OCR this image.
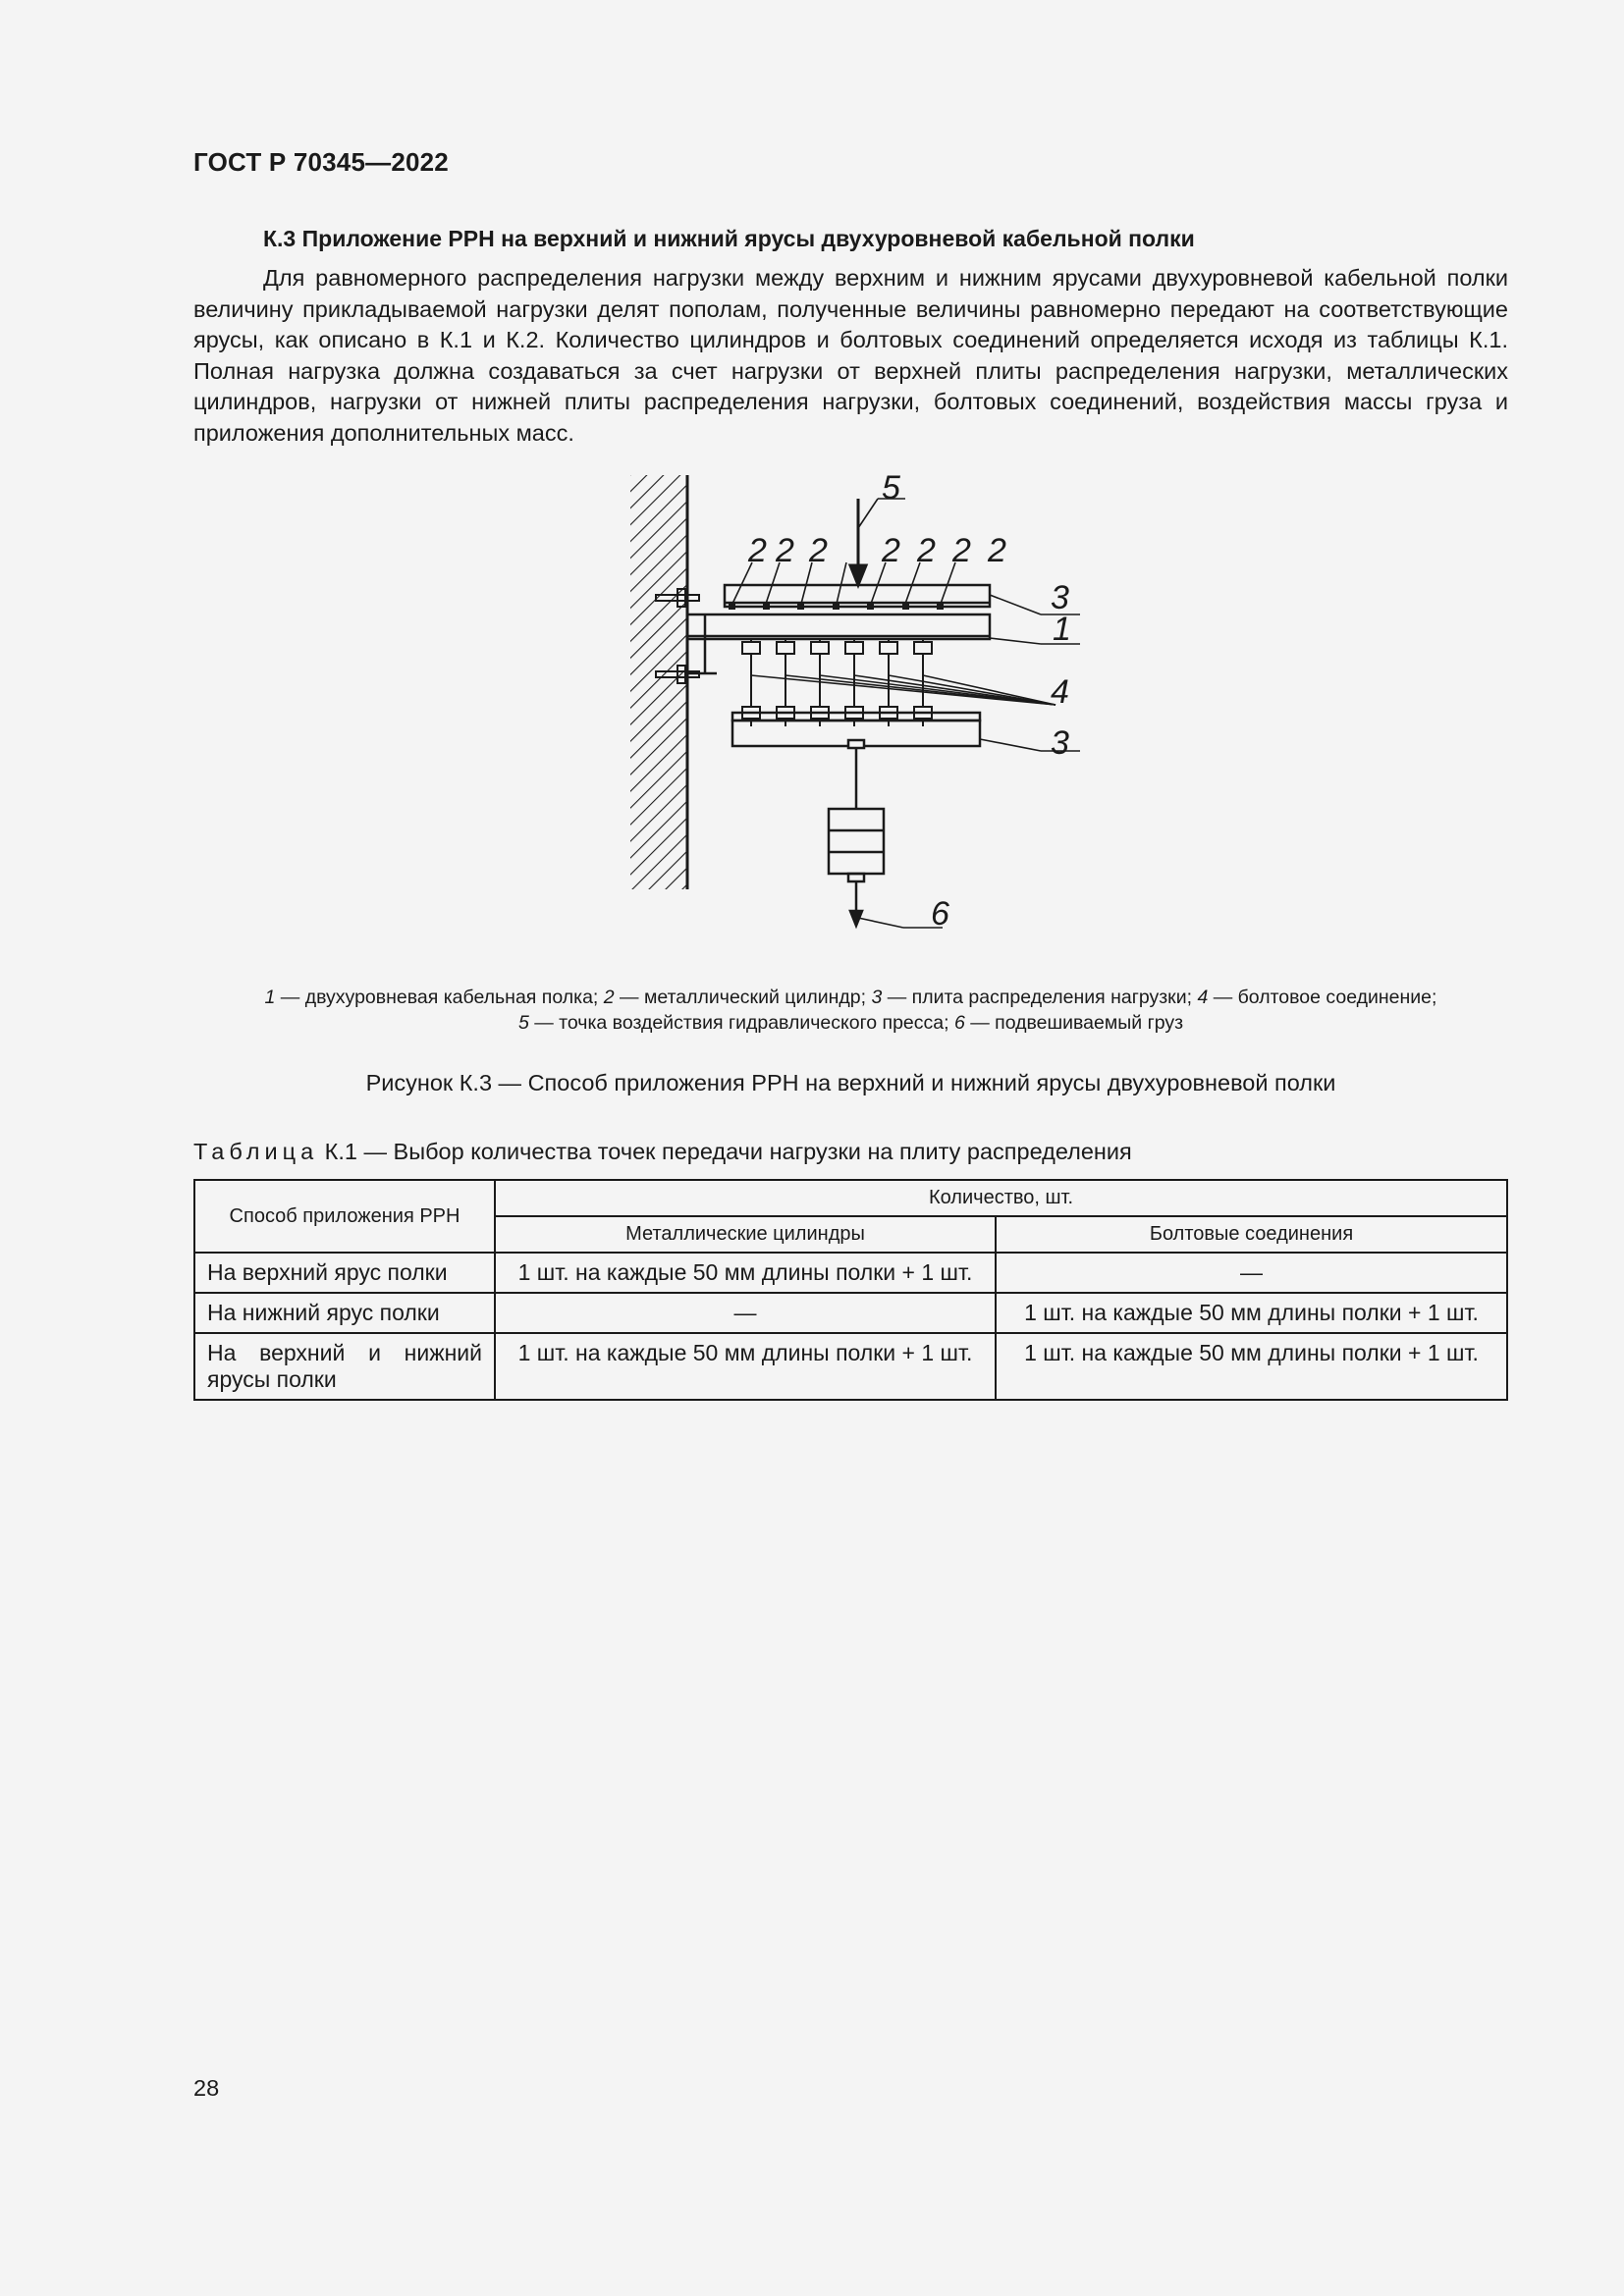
ГОСТ Р 70345—2022
К.3 Приложение РРН на верхний и нижний ярусы двухуровневой кабельной полки

Для равномерного распределения нагрузки между верхним и нижним ярусами двухуровневой кабельной полки величину прикладываемой нагрузки делят пополам, полученные величины равномерно передают на соответствующие ярусы, как описано в К.1 и К.2. Количество цилиндров и болтовых соединений определяется исходя из таблицы К.1. Полная нагрузка должна создаваться за счет нагрузки от верхней плиты распределения нагрузки, металлических цилиндров, нагрузки от нижней плиты распределения нагрузки, болтовых соединений, воздействия массы груза и приложения дополнительных масс.

5
2 2 2 2 2 2 2
3
1
4
3
6
1 — двухуровневая кабельная полка; 2 — металлический цилиндр; 3 — плита распределения нагрузки; 4 — болтовое соединение;
5 — точка воздействия гидравлического пресса; 6 — подвешиваемый груз
Рисунок К.3 — Способ приложения РРН на верхний и нижний ярусы двухуровневой полки
Таблица К.1 — Выбор количества точек передачи нагрузки на плиту распределения
Способ приложения РРН	Количество, шт.	
	Металлические цилиндры	Болтовые соединения
На верхний ярус полки	1 шт. на каждые 50 мм длины полки + 1 шт.	—
На нижний ярус полки	—	1 шт. на каждые 50 мм длины полки + 1 шт.
На верхний и нижний ярусы полки	1 шт. на каждые 50 мм длины полки + 1 шт.	1 шт. на каждые 50 мм длины полки + 1 шт.
28
